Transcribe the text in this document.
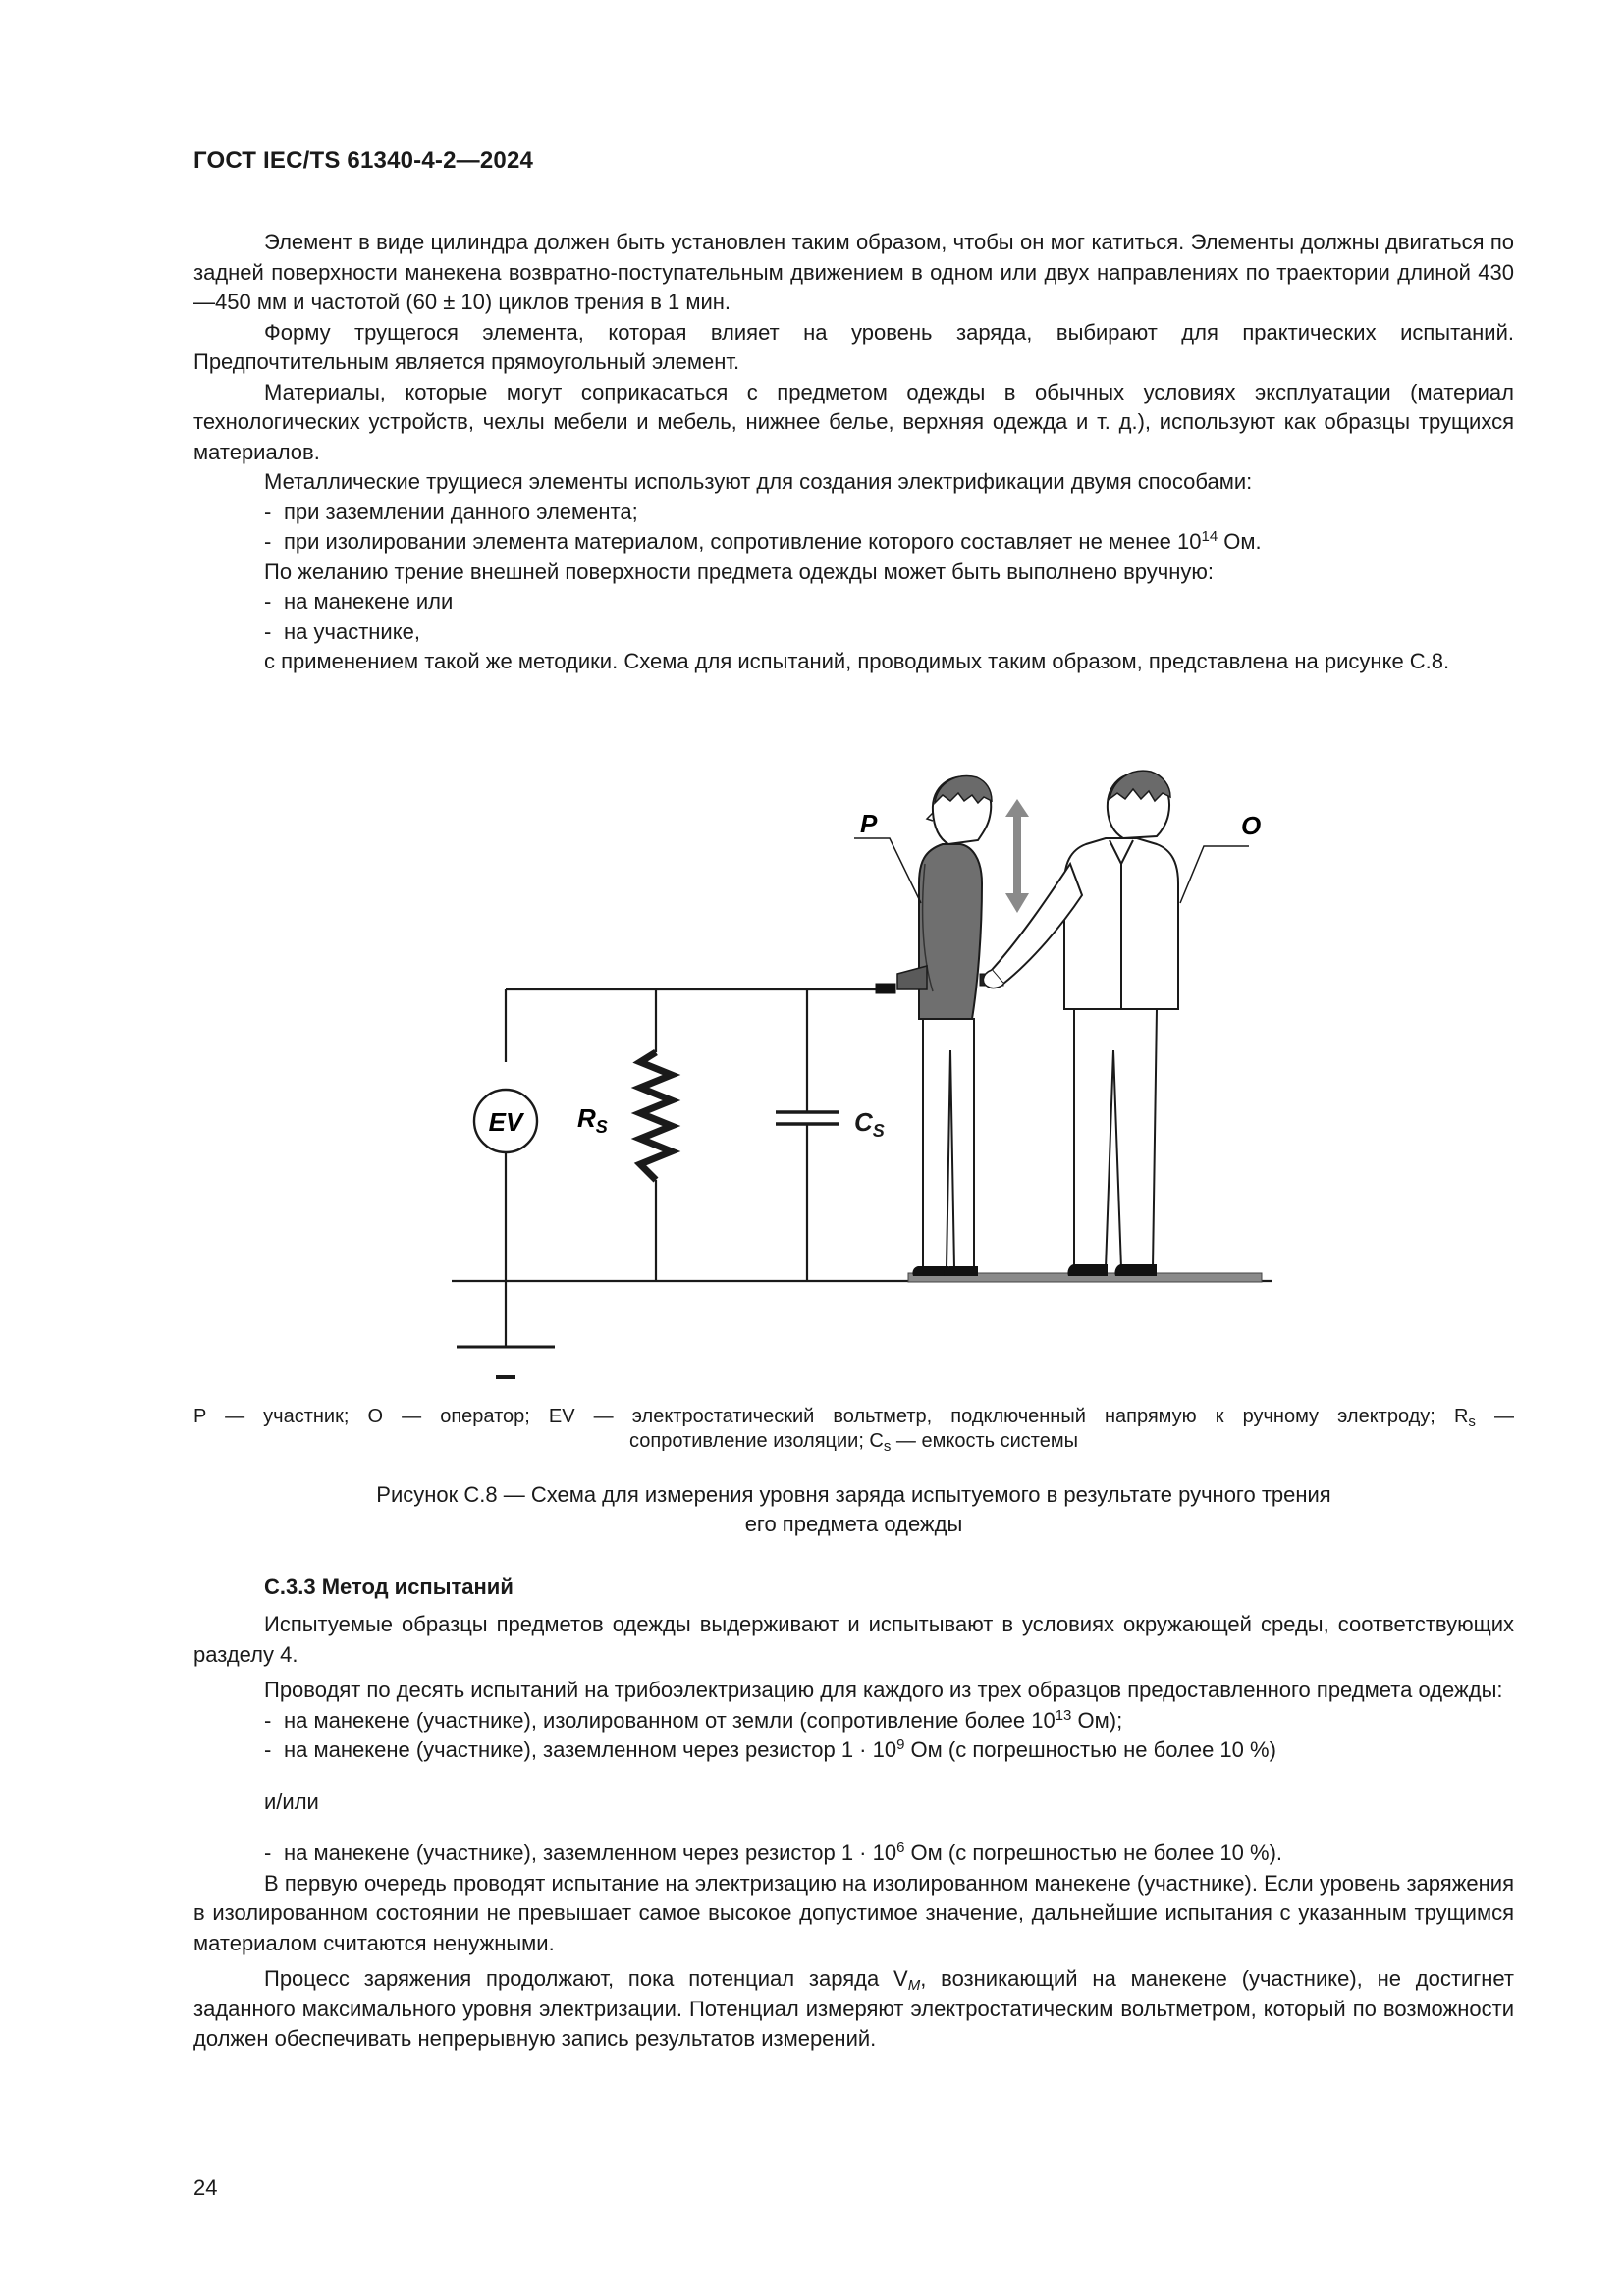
ГОСТ IEC/TS 61340-4-2—2024

Элемент в виде цилиндра должен быть установлен таким образом, чтобы он мог катиться. Элементы должны двигаться по задней поверхности манекена возвратно-поступательным движением в одном или двух направлениях по траектории длиной 430—450 мм и частотой (60 ± 10) циклов трения в 1 мин.

Форму трущегося элемента, которая влияет на уровень заряда, выбирают для практических испытаний. Предпочтительным является прямоугольный элемент.

Материалы, которые могут соприкасаться с предметом одежды в обычных условиях эксплуатации (материал технологических устройств, чехлы мебели и мебель, нижнее белье, верхняя одежда и т. д.), используют как образцы трущихся материалов.

Металлические трущиеся элементы используют для создания электрификации двумя способами:

- при заземлении данного элемента;

- при изолировании элемента материалом, сопротивление которого составляет не менее $10^{14}$ Ом.

По желанию трение внешней поверхности предмета одежды может быть выполнено вручную:

- на манекене или

- на участнике,

с применением такой же методики. Схема для испытаний, проводимых таким образом, представлена на рисунке С.8.

EV $R_S$	$C_S$
P	O
P — участник; O — оператор; EV — электростатический вольтметр, подключенный напрямую к ручному электроду; $R_s$ —
сопротивление изоляции; $C_s$ — емкость системы
Рисунок С.8 — Схема для измерения уровня заряда испытуемого в результате ручного трения
его предмета одежды
С.3.3 Метод испытаний

Испытуемые образцы предметов одежды выдерживают и испытывают в условиях окружающей среды, соответствующих разделу 4.

Проводят по десять испытаний на трибоэлектризацию для каждого из трех образцов предоставленного предмета одежды:

- на манекене (участнике), изолированном от земли (сопротивление более $10^{13}$ Ом);

- на манекене (участнике), заземленном через резистор $1 \cdot 10^9$ Ом (с погрешностью не более 10 %)

и/или

- на манекене (участнике), заземленном через резистор $1 \cdot 10^6$ Ом (с погрешностью не более 10 %).

В первую очередь проводят испытание на электризацию на изолированном манекене (участнике). Если уровень заряжения в изолированном состоянии не превышает самое высокое допустимое значение, дальнейшие испытания с указанным трущимся материалом считаются ненужными.

Процесс заряжения продолжают, пока потенциал заряда $V_M$, возникающий на манекене (участнике), не достигнет заданного максимального уровня электризации. Потенциал измеряют электростатическим вольтметром, который по возможности должен обеспечивать непрерывную запись результатов измерений.

24
